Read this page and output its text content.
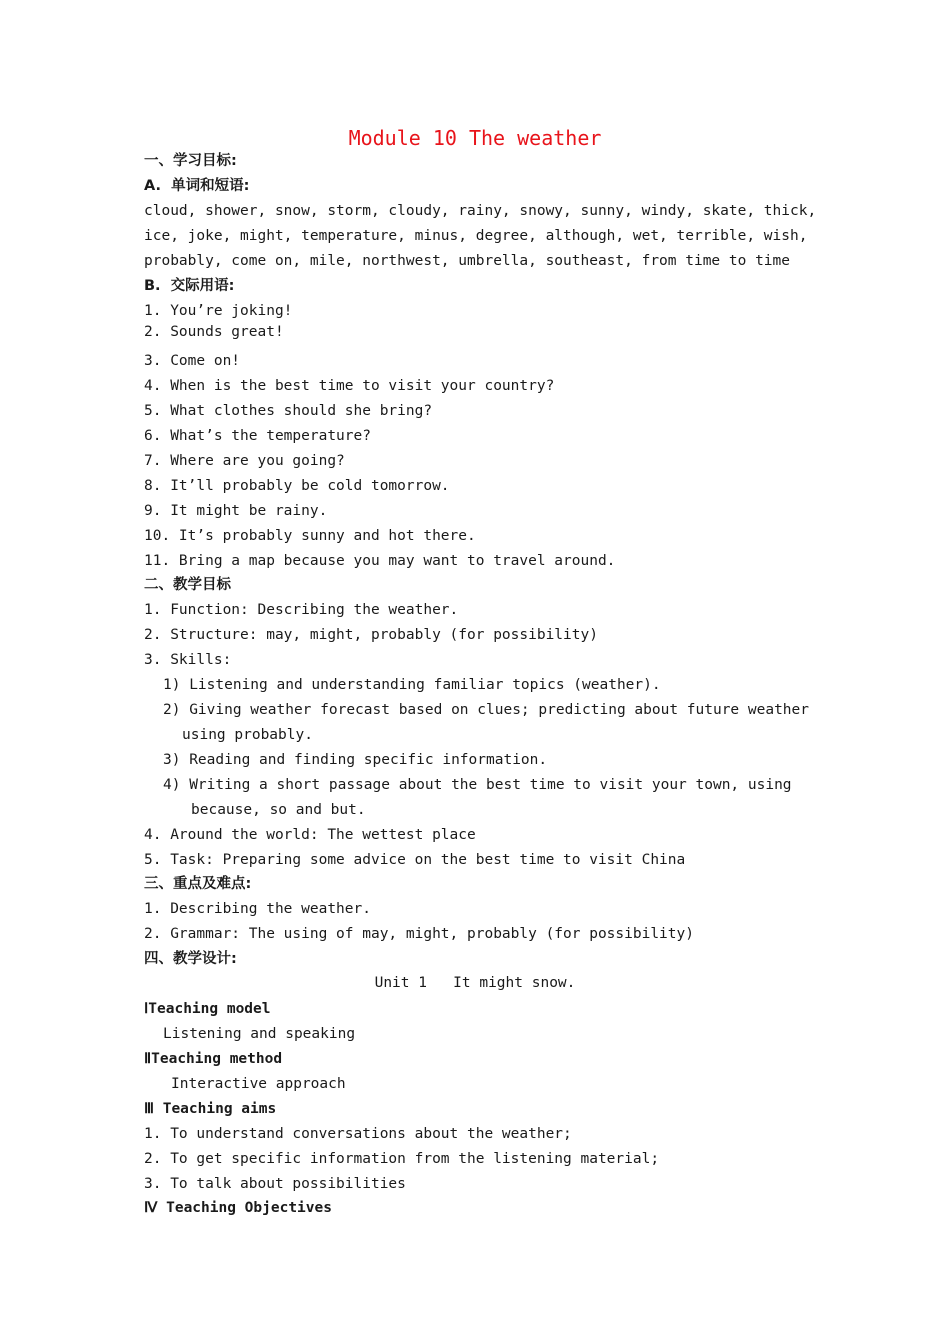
Module 10 The weather
一、学习目标:
A.  单词和短语:
cloud, shower, snow, storm, cloudy, rainy, snowy, sunny, windy, skate, thick,
ice, joke, might, temperature, minus, degree, although, wet, terrible, wish,
probably, come on, mile, northwest, umbrella, southeast, from time to time
B.  交际用语:
1. You’re joking!
2. Sounds great!
3. Come on!
4. When is the best time to visit your country?
5. What clothes should she bring?
6. What’s the temperature?
7. Where are you going?
8. It’ll probably be cold tomorrow.
9. It might be rainy.
10. It’s probably sunny and hot there.
11. Bring a map because you may want to travel around.
二、教学目标
1. Function: Describing the weather.
2. Structure: may, might, probably (for possibility)
3. Skills:
1) Listening and understanding familiar topics (weather).
2) Giving weather forecast based on clues; predicting about future weather
using probably.
3) Reading and finding specific information.
4) Writing a short passage about the best time to visit your town, using
because, so and but.
4. Around the world: The wettest place
5. Task: Preparing some advice on the best time to visit China
三、重点及难点:
1. Describing the weather.
2. Grammar: The using of may, might, probably (for possibility)
四、教学设计:
Unit 1   It might snow.
ⅠTeaching model
Listening and speaking
ⅡTeaching method
Interactive approach
Ⅲ Teaching aims
1. To understand conversations about the weather;
2. To get specific information from the listening material;
3. To talk about possibilities
Ⅳ Teaching Objectives
